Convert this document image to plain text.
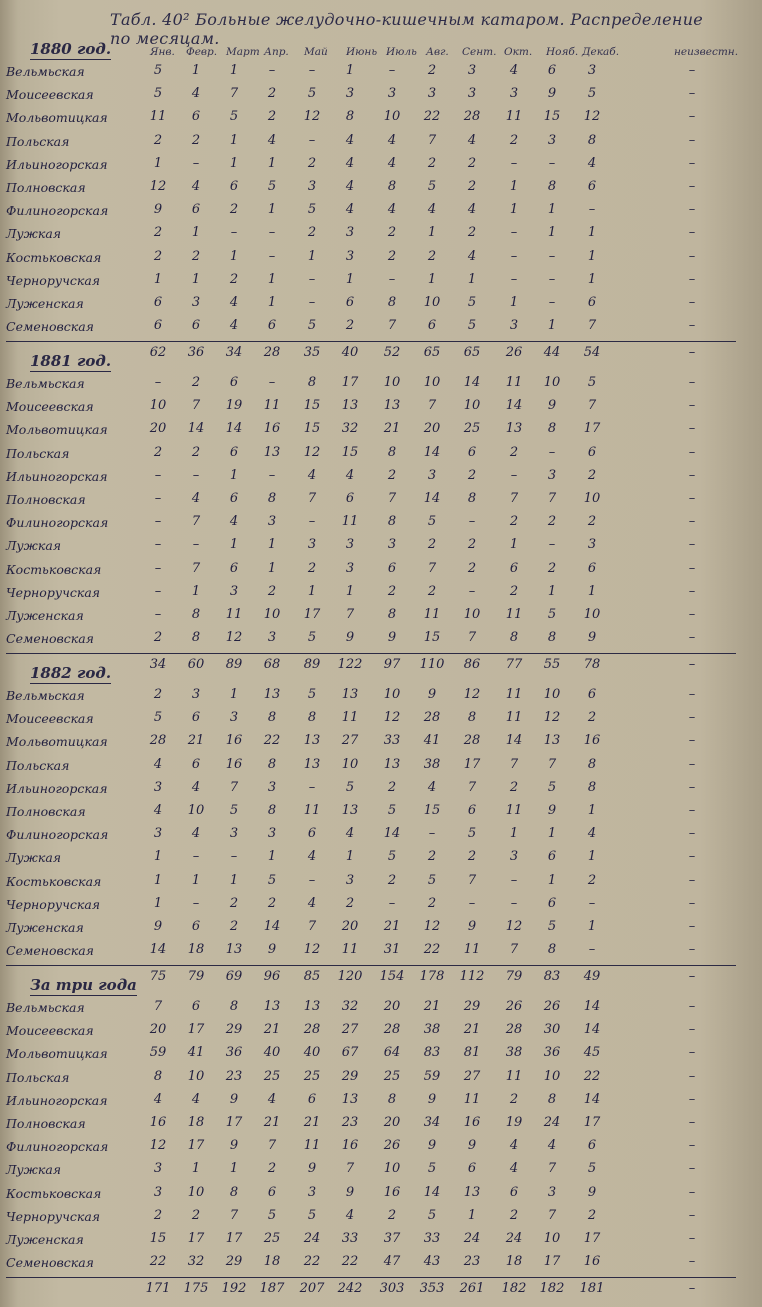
Табл. 40² Больные желудочно-кишечным катаром. Распределение по месяцам.
Янв. Февр. Март Апр. Май Июнь Июль Авг. Сент. Окт. Нояб. Декаб.	неизвестн.
1880 год.
Вельмьская	5	1	1	–	–	1	–	2	3	4	6	3	–
Моисеевская	5	4	7	2	5	3	3	3	3	3	9	5	–
Мольвотицкая	11	6	5	2	12	8	10	22	28	11	15	12	–
Польская	2	2	1	4	–	4	4	7	4	2	3	8	–
Ильиногорская	1	–	1	1	2	4	4	2	2	–	–	4	–
Полновская	12	4	6	5	3	4	8	5	2	1	8	6	–
Филиногорская	9	6	2	1	5	4	4	4	4	1	1	–	–
Лужкая	2	1	–	–	2	3	2	1	2	–	1	1	–
Костьковская	2	2	1	–	1	3	2	2	4	–	–	1	–
Черноручская	1	1	2	1	–	1	–	1	1	–	–	1	–
Луженская	6	3	4	1	–	6	8	10	5	1	–	6	–
Семеновская	6	6	4	6	5	2	7	6	5	3	1	7	–
62	36	34	28	35	40	52	65	65	26	44	54	–
1881 год.
Вельмьская	–	2	6	–	8	17	10	10	14	11	10	5	–
Моисеевская	10	7	19	11	15	13	13	7	10	14	9	7	–
Мольвотицкая	20	14	14	16	15	32	21	20	25	13	8	17	–
Польская	2	2	6	13	12	15	8	14	6	2	–	6	–
Ильиногорская	–	–	1	–	4	4	2	3	2	–	3	2	–
Полновская	–	4	6	8	7	6	7	14	8	7	7	10	–
Филиногорская	–	7	4	3	–	11	8	5	–	2	2	2	–
Лужкая	–	–	1	1	3	3	3	2	2	1	–	3	–
Костьковская	–	7	6	1	2	3	6	7	2	6	2	6	–
Черноручская	–	1	3	2	1	1	2	2	–	2	1	1	–
Луженская	–	8	11	10	17	7	8	11	10	11	5	10	–
Семеновская	2	8	12	3	5	9	9	15	7	8	8	9	–
34	60	89	68	89	122	97	110	86	77	55	78	–
1882 год.
Вельмьская	2	3	1	13	5	13	10	9	12	11	10	6	–
Моисеевская	5	6	3	8	8	11	12	28	8	11	12	2	–
Мольвотицкая	28	21	16	22	13	27	33	41	28	14	13	16	–
Польская	4	6	16	8	13	10	13	38	17	7	7	8	–
Ильиногорская	3	4	7	3	–	5	2	4	7	2	5	8	–
Полновская	4	10	5	8	11	13	5	15	6	11	9	1	–
Филиногорская	3	4	3	3	6	4	14	–	5	1	1	4	–
Лужкая	1	–	–	1	4	1	5	2	2	3	6	1	–
Костьковская	1	1	1	5	–	3	2	5	7	–	1	2	–
Черноручская	1	–	2	2	4	2	–	2	–	–	6	–	–
Луженская	9	6	2	14	7	20	21	12	9	12	5	1	–
Семеновская	14	18	13	9	12	11	31	22	11	7	8	–	–
75	79	69	96	85	120 154 178 112	79	83	49	–
За три года
Вельмьская	7	6	8	13	13	32	20	21	29	26	26	14	–
Моисеевская	20	17	29	21	28	27	28	38	21	28	30	14	–
Мольвотицкая	59	41	36	40	40	67	64	83	81	38	36	45	–
Польская	8	10	23	25	25	29	25	59	27	11	10	22	–
Ильиногорская	4	4	9	4	6	13	8	9	11	2	8	14	–
Полновская	16	18	17	21	21	23	20	34	16	19	24	17	–
Филиногорская	12	17	9	7	11	16	26	9	9	4	4	6	–
Лужкая	3	1	1	2	9	7	10	5	6	4	7	5	–
Костьковская	3	10	8	6	3	9	16	14	13	6	3	9	–
Черноручская	2	2	7	5	5	4	2	5	1	2	7	2	–
Луженская	15	17	17	25	24	33	37	33	24	24	10	17	–
Семеновская	22	32	29	18	22	22	47	43	23	18	17	16	–
171 175 192 187 207 242 303 353 261 182 182 181	–
